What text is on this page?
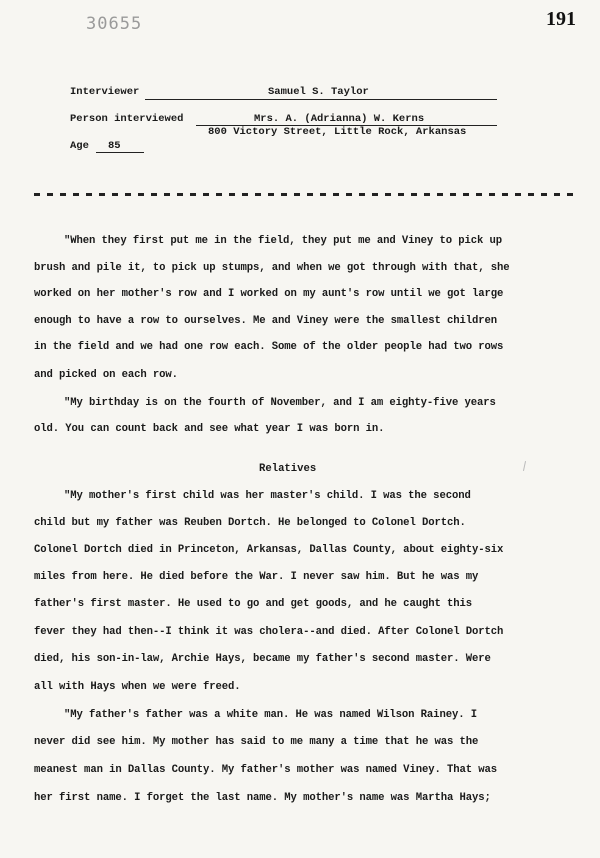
30655	191
Interviewer	Samuel S. Taylor
Person interviewed	Mrs. A. (Adrianna) W. Kerns
800 Victory Street, Little Rock, Arkansas
Age 85
"When they first put me in the field, they put me and Viney to pick up
brush and pile it, to pick up stumps, and when we got through with that, she
worked on her mother's row and I worked on my aunt's row until we got large
enough to have a row to ourselves. Me and Viney were the smallest children
in the field and we had one row each. Some of the older people had two rows
and picked on each row.
"My birthday is on the fourth of November, and I am eighty-five years
old. You can count back and see what year I was born in.
Relatives
"My mother's first child was her master's child. I was the second
child but my father was Reuben Dortch. He belonged to Colonel Dortch.
Colonel Dortch died in Princeton, Arkansas, Dallas County, about eighty-six
miles from here. He died before the War. I never saw him. But he was my
father's first master. He used to go and get goods, and he caught this
fever they had then--I think it was cholera--and died. After Colonel Dortch
died, his son-in-law, Archie Hays, became my father's second master. Were
all with Hays when we were freed.
"My father's father was a white man. He was named Wilson Rainey. I
never did see him. My mother has said to me many a time that he was the
meanest man in Dallas County. My father's mother was named Viney. That was
her first name. I forget the last name. My mother's name was Martha Hays;
